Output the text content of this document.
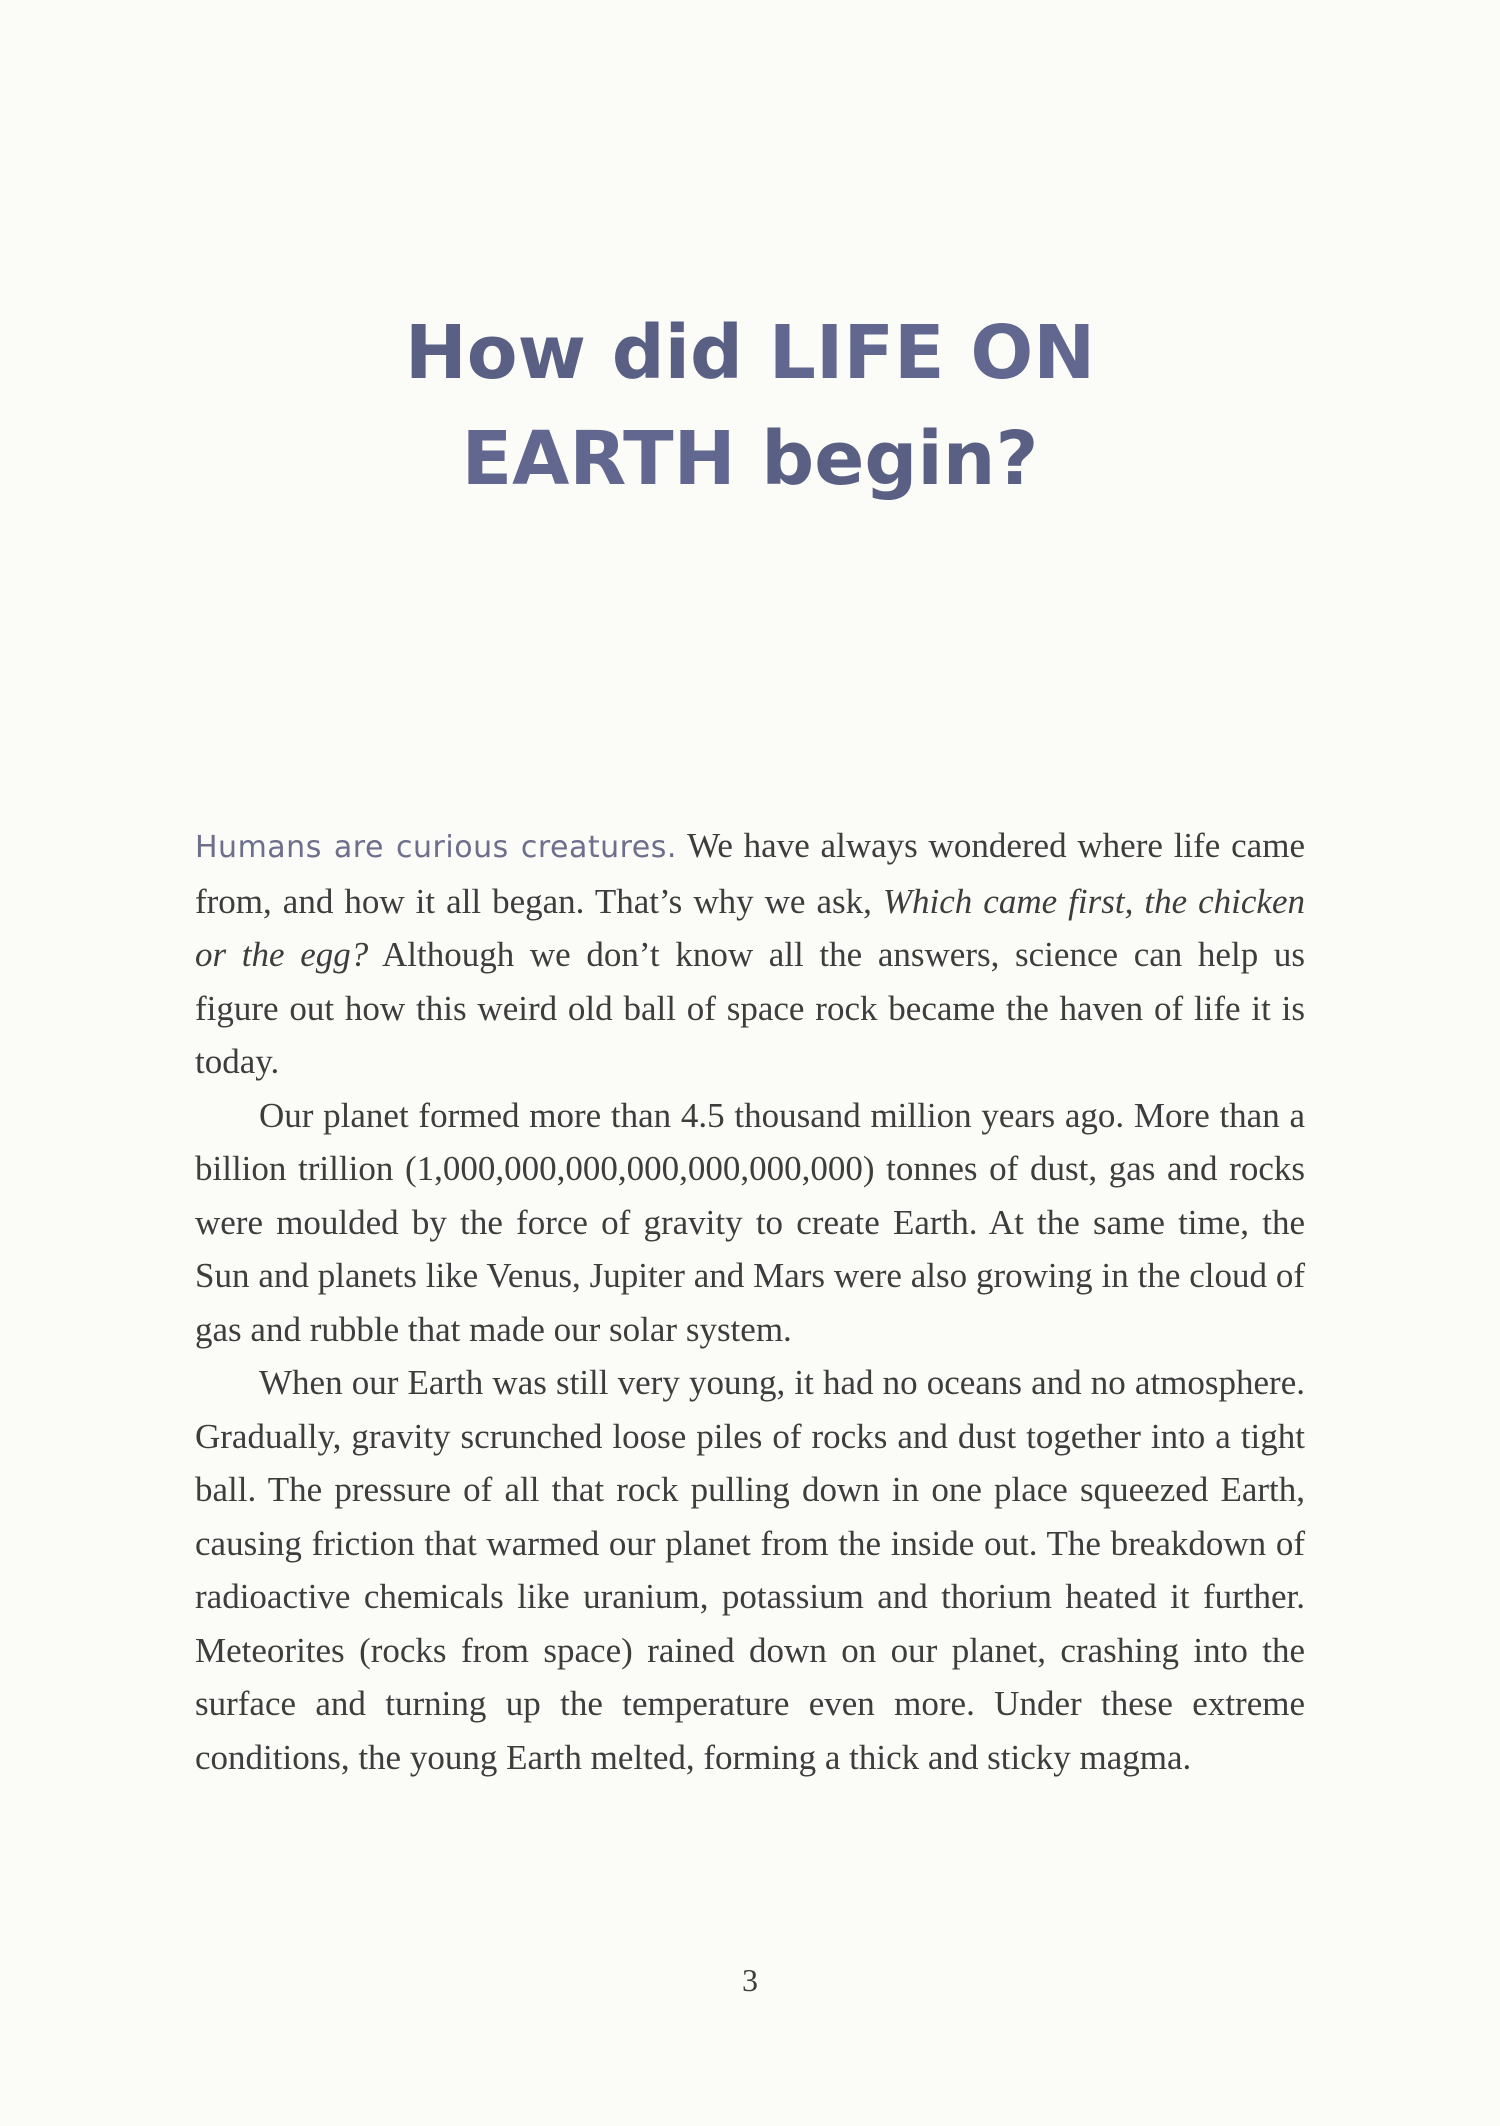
How did LIFE ON
EARTH begin?

Humans are curious creatures. We have always wondered where life came from, and how it all began. That’s why we ask, Which came first, the chicken or the egg? Although we don’t know all the answers, science can help us figure out how this weird old ball of space rock became the haven of life it is today.

Our planet formed more than 4.5 thousand million years ago. More than a billion trillion (1,000,000,000,000,000,000,000) tonnes of dust, gas and rocks were moulded by the force of gravity to create Earth. At the same time, the Sun and planets like Venus, Jupiter and Mars were also growing in the cloud of gas and rubble that made our solar system.

When our Earth was still very young, it had no oceans and no atmosphere. Gradually, gravity scrunched loose piles of rocks and dust together into a tight ball. The pressure of all that rock pulling down in one place squeezed Earth, causing friction that warmed our planet from the inside out. The breakdown of radioactive chemicals like uranium, potassium and thorium heated it further. Meteorites (rocks from space) rained down on our planet, crashing into the surface and turning up the temperature even more. Under these extreme conditions, the young Earth melted, forming a thick and sticky magma.

3
